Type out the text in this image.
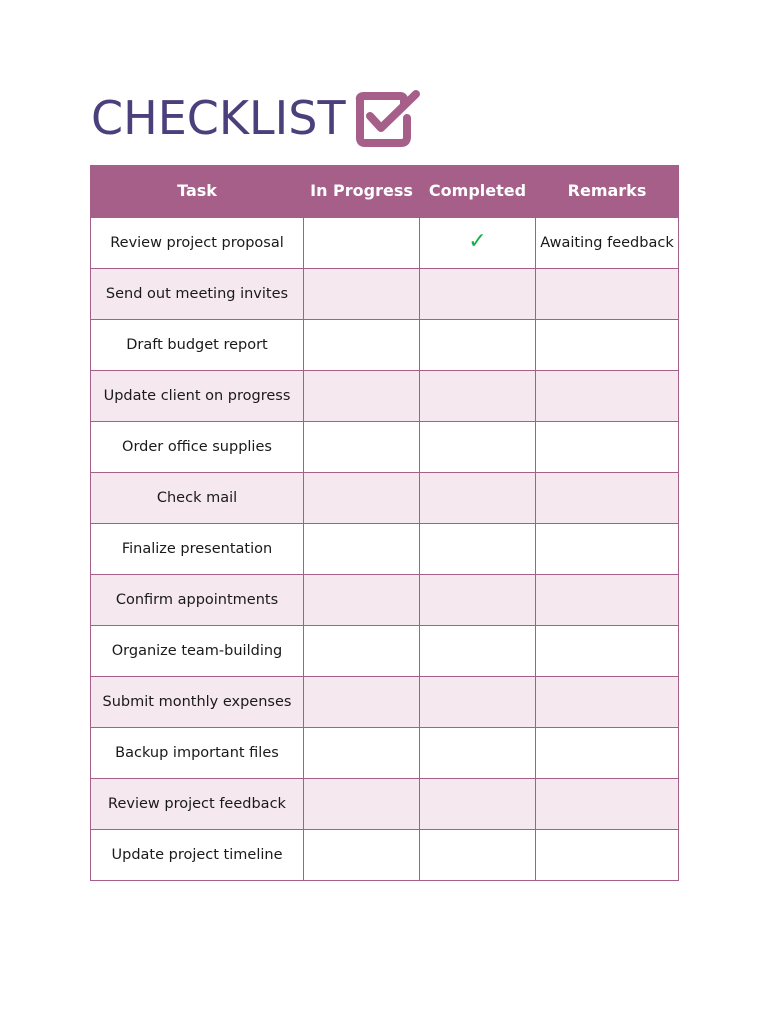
CHECKLIST
Task	In Progress	Completed	Remarks
Review project proposal		✓	Awaiting feedback
Send out meeting invites			
Draft budget report			
Update client on progress			
Order office supplies			
Check mail			
Finalize presentation			
Confirm appointments			
Organize team-building			
Submit monthly expenses			
Backup important files			
Review project feedback			
Update project timeline			
